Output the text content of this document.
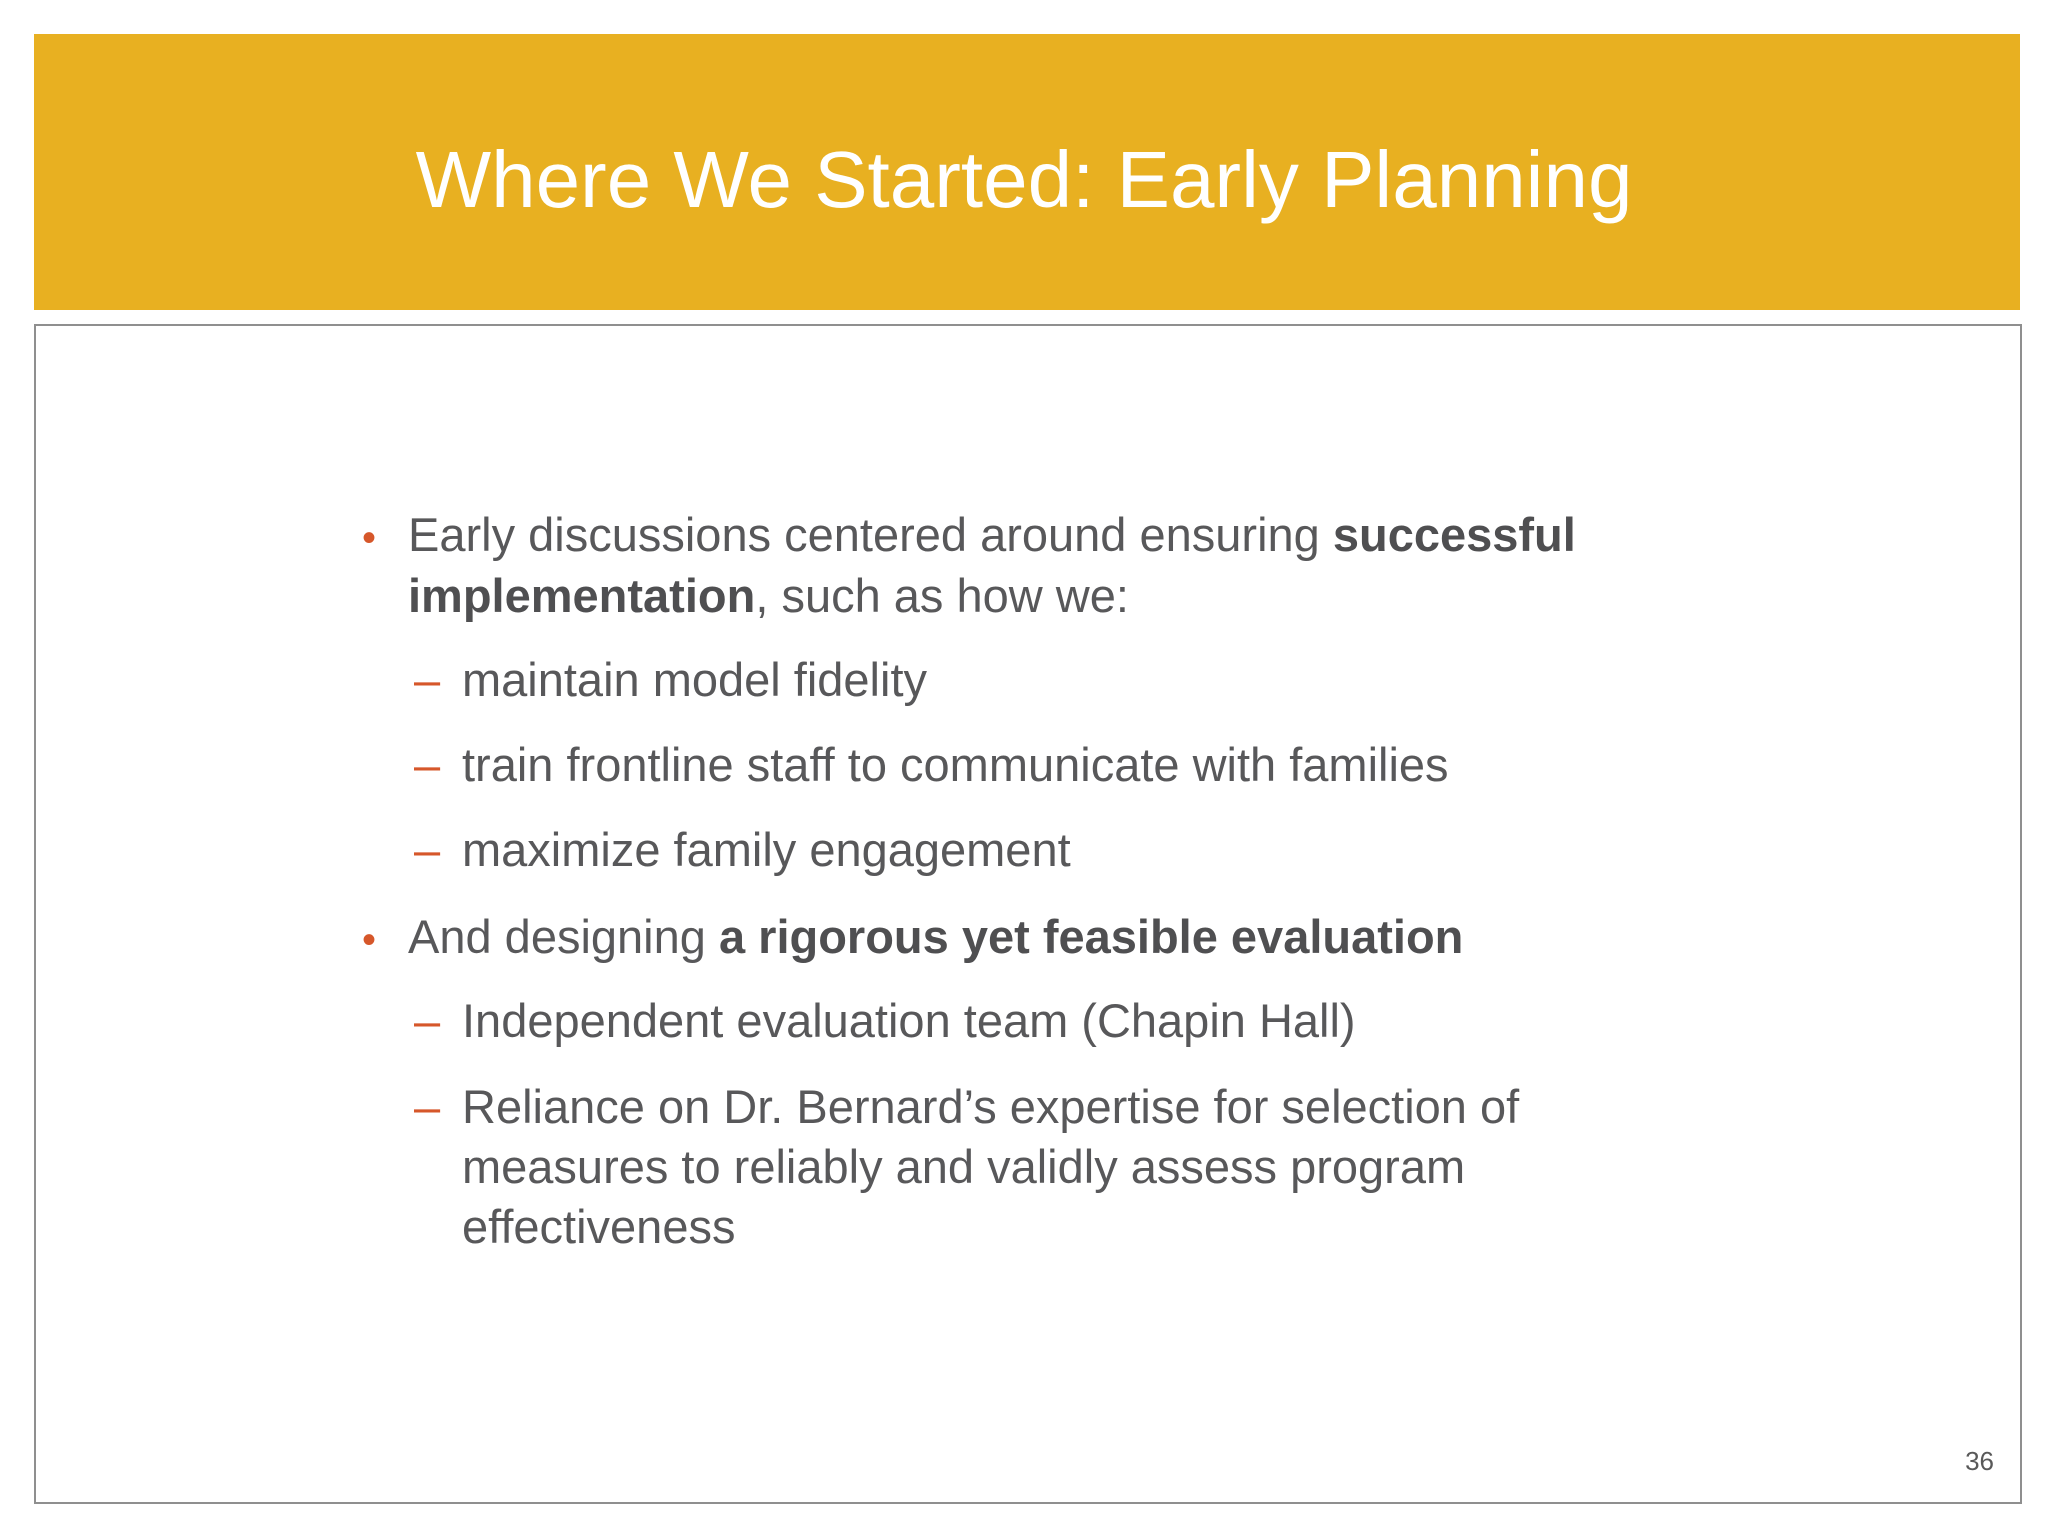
Where We Started: Early Planning
• Early discussions centered around ensuring successful
implementation, such as how we:
– maintain model fidelity
– train frontline staff to communicate with families
– maximize family engagement
• And designing a rigorous yet feasible evaluation
– Independent evaluation team (Chapin Hall)
– Reliance on Dr. Bernard’s expertise for selection of
measures to reliably and validly assess program
effectiveness
36
